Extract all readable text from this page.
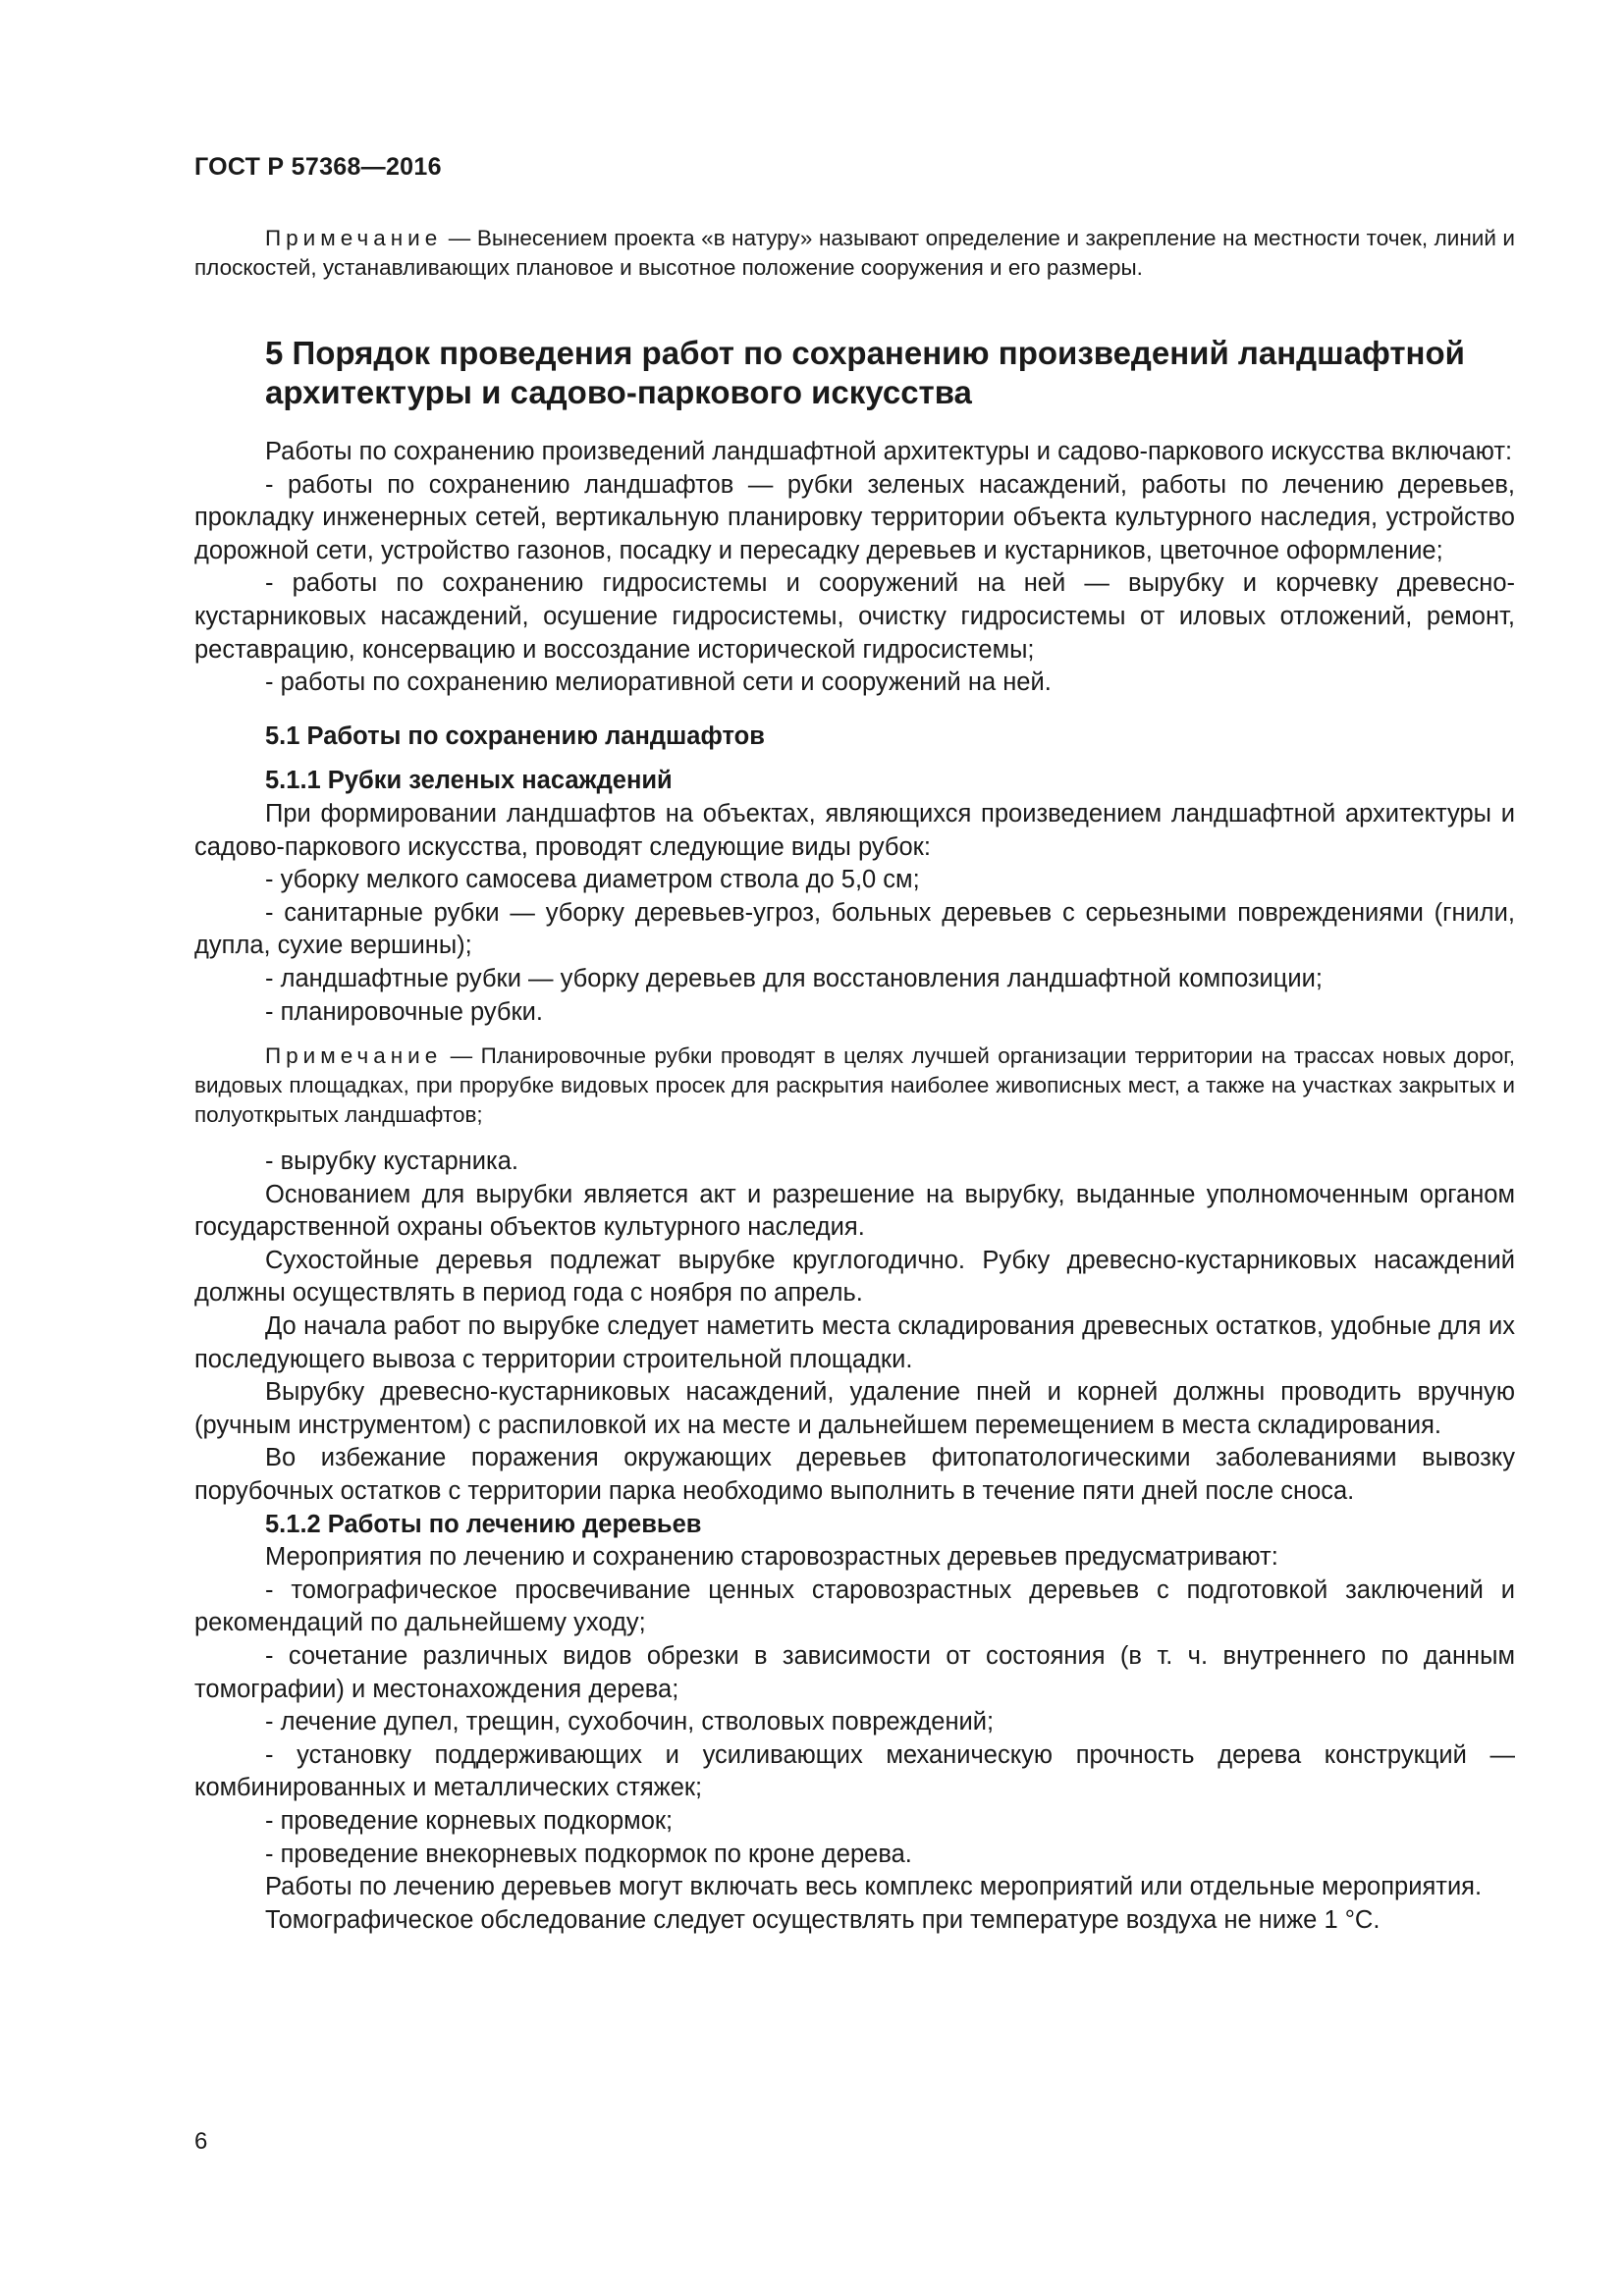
ГОСТ Р 57368—2016

Примечание — Вынесением проекта «в натуру» называют определение и закрепление на местности точек, линий и плоскостей, устанавливающих плановое и высотное положение сооружения и его размеры.

5 Порядок проведения работ по сохранению произведений ландшафтной архитектуры и садово-паркового искусства

Работы по сохранению произведений ландшафтной архитектуры и садово-паркового искусства включают:

- работы по сохранению ландшафтов — рубки зеленых насаждений, работы по лечению деревьев, прокладку инженерных сетей, вертикальную планировку территории объекта культурного наследия, устройство дорожной сети, устройство газонов, посадку и пересадку деревьев и кустарников, цветочное оформление;

- работы по сохранению гидросистемы и сооружений на ней — вырубку и корчевку древесно-кустарниковых насаждений, осушение гидросистемы, очистку гидросистемы от иловых отложений, ремонт, реставрацию, консервацию и воссоздание исторической гидросистемы;

- работы по сохранению мелиоративной сети и сооружений на ней.

5.1 Работы по сохранению ландшафтов
5.1.1 Рубки зеленых насаждений

При формировании ландшафтов на объектах, являющихся произведением ландшафтной архитектуры и садово-паркового искусства, проводят следующие виды рубок:

- уборку мелкого самосева диаметром ствола до 5,0 см;

- санитарные рубки — уборку деревьев-угроз, больных деревьев с серьезными повреждениями (гнили, дупла, сухие вершины);

- ландшафтные рубки — уборку деревьев для восстановления ландшафтной композиции;

- планировочные рубки.

Примечание — Планировочные рубки проводят в целях лучшей организации территории на трассах новых дорог, видовых площадках, при прорубке видовых просек для раскрытия наиболее живописных мест, а также на участках закрытых и полуоткрытых ландшафтов;

- вырубку кустарника.

Основанием для вырубки является акт и разрешение на вырубку, выданные уполномоченным органом государственной охраны объектов культурного наследия.

Сухостойные деревья подлежат вырубке круглогодично. Рубку древесно-кустарниковых насаждений должны осуществлять в период года с ноября по апрель.

До начала работ по вырубке следует наметить места складирования древесных остатков, удобные для их последующего вывоза с территории строительной площадки.

Вырубку древесно-кустарниковых насаждений, удаление пней и корней должны проводить вручную (ручным инструментом) с распиловкой их на месте и дальнейшем перемещением в места складирования.

Во избежание поражения окружающих деревьев фитопатологическими заболеваниями вывозку порубочных остатков с территории парка необходимо выполнить в течение пяти дней после сноса.

5.1.2 Работы по лечению деревьев

Мероприятия по лечению и сохранению старовозрастных деревьев предусматривают:

- томографическое просвечивание ценных старовозрастных деревьев с подготовкой заключений и рекомендаций по дальнейшему уходу;

- сочетание различных видов обрезки в зависимости от состояния (в т. ч. внутреннего по данным томографии) и местонахождения дерева;

- лечение дупел, трещин, сухобочин, стволовых повреждений;

- установку поддерживающих и усиливающих механическую прочность дерева конструкций — комбинированных и металлических стяжек;

- проведение корневых подкормок;

- проведение внекорневых подкормок по кроне дерева.

Работы по лечению деревьев могут включать весь комплекс мероприятий или отдельные мероприятия.

Томографическое обследование следует осуществлять при температуре воздуха не ниже 1 °C.

6
